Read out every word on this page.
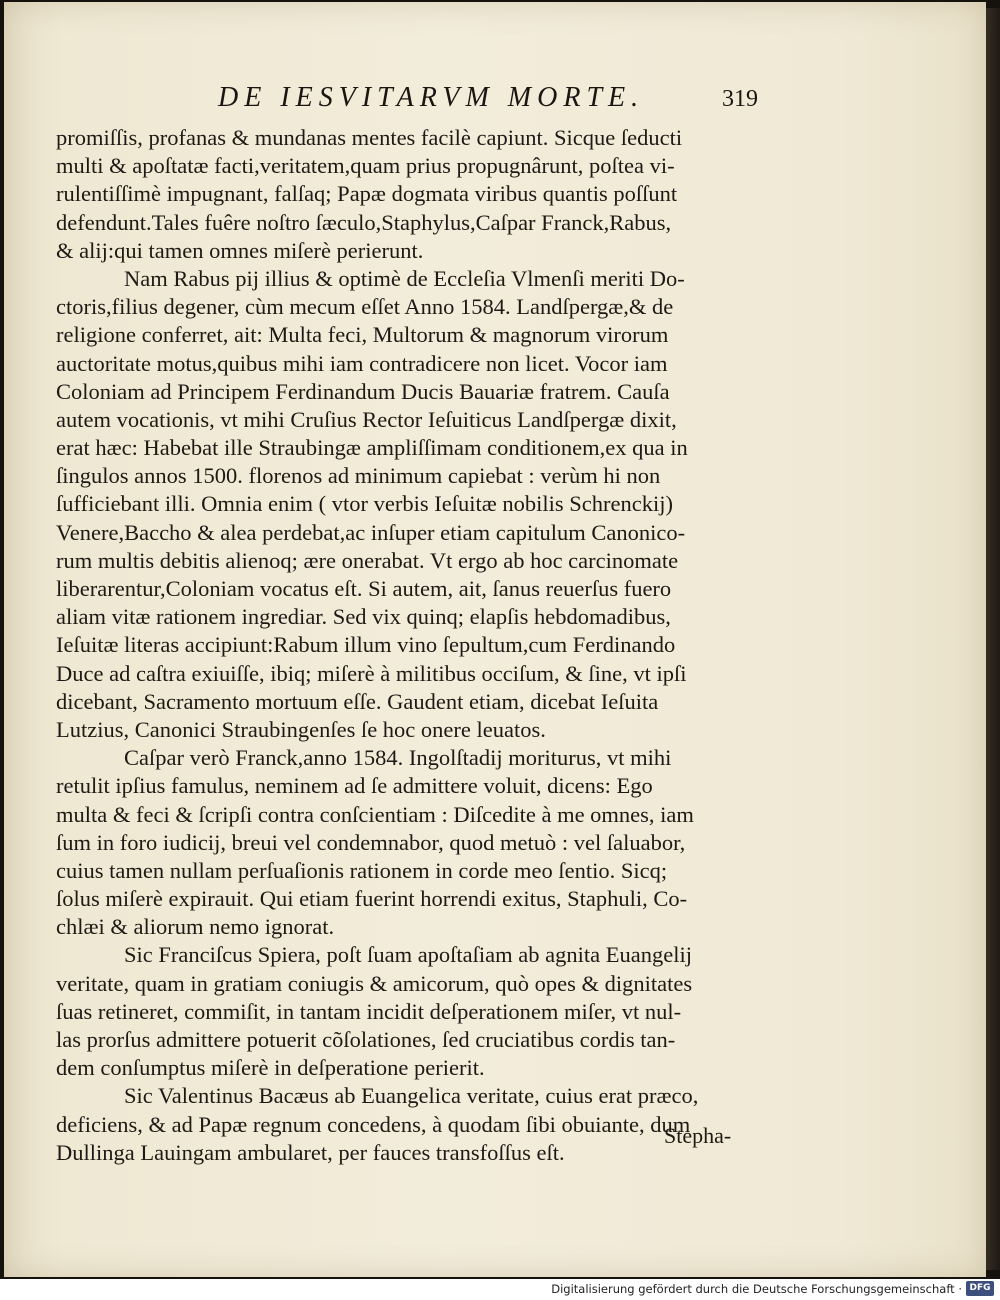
DE IESVITARVM MORTE.	319
promiſſis, profanas & mundanas mentes facilè capiunt. Sicque ſeducti
multi & apoſtatæ facti,veritatem,quam prius propugnârunt, poſtea vi-
rulentiſſimè impugnant, falſaq; Papæ dogmata viribus quantis poſſunt
defendunt.Tales fuêre noſtro ſæculo,Staphylus,Caſpar Franck,Rabus,
& alij:qui tamen omnes miſerè perierunt.
Nam Rabus pij illius & optimè de Eccleſia Vlmenſi meriti Do-
ctoris,filius degener, cùm mecum eſſet Anno 1584. Landſpergæ,& de
religione conferret, ait: Multa feci, Multorum & magnorum virorum
auctoritate motus,quibus mihi iam contradicere non licet. Vocor iam
Coloniam ad Principem Ferdinandum Ducis Bauariæ fratrem. Cauſa
autem vocationis, vt mihi Cruſius Rector Ieſuiticus Landſpergæ dixit,
erat hæc: Habebat ille Straubingæ ampliſſimam conditionem,ex qua in
ſingulos annos 1500. florenos ad minimum capiebat : verùm hi non
ſufficiebant illi. Omnia enim ( vtor verbis Ieſuitæ nobilis Schrenckij)
Venere,Baccho & alea perdebat,ac inſuper etiam capitulum Canonico-
rum multis debitis alienoq; ære onerabat. Vt ergo ab hoc carcinomate
liberarentur,Coloniam vocatus eſt. Si autem, ait, ſanus reuerſus fuero
aliam vitæ rationem ingrediar. Sed vix quinq; elapſis hebdomadibus,
Ieſuitæ literas accipiunt:Rabum illum vino ſepultum,cum Ferdinando
Duce ad caſtra exiuiſſe, ibiq; miſerè à militibus occiſum, & ſine, vt ipſi
dicebant, Sacramento mortuum eſſe. Gaudent etiam, dicebat Ieſuita
Lutzius, Canonici Straubingenſes ſe hoc onere leuatos.
Caſpar verò Franck,anno 1584. Ingolſtadij moriturus, vt mihi
retulit ipſius famulus, neminem ad ſe admittere voluit, dicens: Ego
multa & feci & ſcripſi contra conſcientiam : Diſcedite à me omnes, iam
ſum in foro iudicij, breui vel condemnabor, quod metuò : vel ſaluabor,
cuius tamen nullam perſuaſionis rationem in corde meo ſentio. Sicq;
ſolus miſerè expirauit. Qui etiam fuerint horrendi exitus, Staphuli, Co-
chlæi & aliorum nemo ignorat.
Sic Franciſcus Spiera, poſt ſuam apoſtaſiam ab agnita Euangelij
veritate, quam in gratiam coniugis & amicorum, quò opes & dignitates
ſuas retineret, commiſit, in tantam incidit deſperationem miſer, vt nul-
las prorſus admittere potuerit cõſolationes, ſed cruciatibus cordis tan-
dem conſumptus miſerè in deſperatione perierit.
Sic Valentinus Bacæus ab Euangelica veritate, cuius erat præco,
deficiens, & ad Papæ regnum concedens, à quodam ſibi obuiante, dum
Dullinga Lauingam ambularet, per fauces transfoſſus eſt.
Stepha-
Digitalisierung gefördert durch die Deutsche Forschungsgemeinschaft · DFG
